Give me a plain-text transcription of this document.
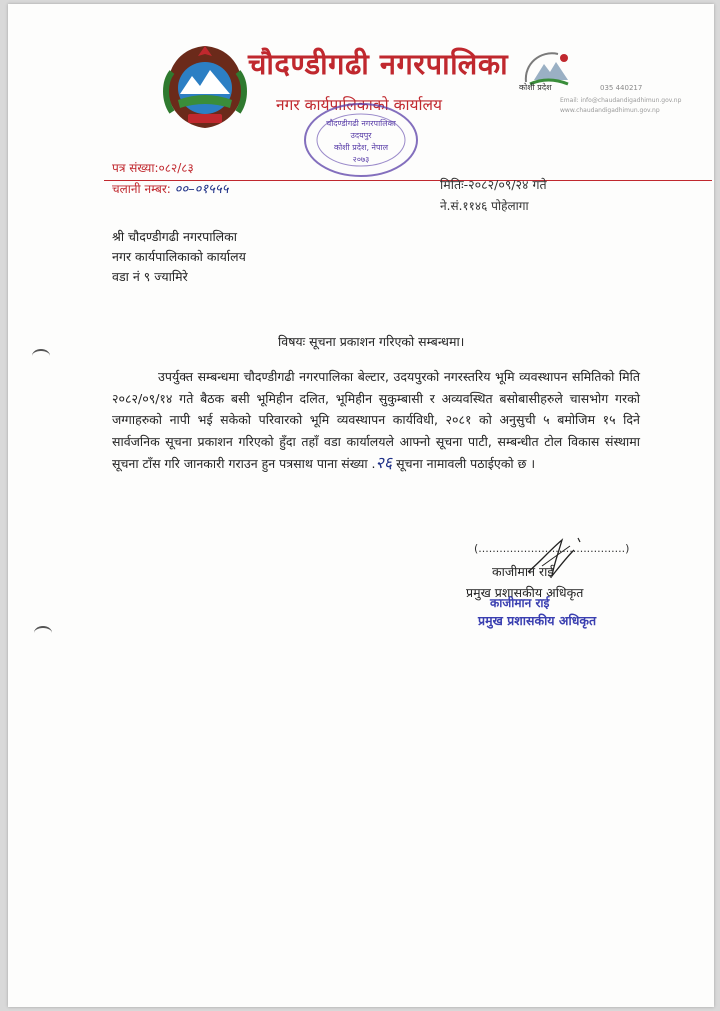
चौदण्डीगढी नगरपालिका
नगर कार्यपालिकाको कार्यालय
कोशी प्रदेश	035 440217
Email: info@chaudandigadhimun.gov.np
www.chaudandigadhimun.gov.np
चौदण्डीगढी नगरपालिका
उदयपुर
कोशी प्रदेश, नेपाल
२०७३
पत्र संख्या:०८२/८३
चलानी नम्बर: ००–०१५५५	मितिः-२०८२/०९/२४ गते
ने.सं.११४६ पोहेलागा
श्री चौदण्डीगढी नगरपालिका
नगर कार्यपालिकाको कार्यालय
वडा नं ९ ज्यामिरे
विषयः सूचना प्रकाशन गरिएको सम्बन्धमा।
उपर्युक्त सम्बन्धमा चौदण्डीगढी नगरपालिका बेल्टार, उदयपुरको नगरस्तरिय भूमि व्यवस्थापन समितिको मिति २०८२/०९/१४ गते बैठक बसी भूमिहीन दलित, भूमिहीन सुकुम्बासी र अव्यवस्थित बसोबासीहरुले चासभोग गरको जग्गाहरुको नापी भई सकेको परिवारको भूमि व्यवस्थापन कार्यविधी, २०८१ को अनुसुची ५ बमोजिम १५ दिने सार्वजनिक सूचना प्रकाशन गरिएको हुँदा तहाँ वडा कार्यालयले आफ्नो सूचना पाटी, सम्बन्धीत टोल विकास संस्थामा सूचना टाँस गरि जानकारी गराउन हुन पत्रसाथ पाना संख्या .२६ सूचना नामावली पठाईएको छ ।
(..........................................)
काजीमान राई
काजीमान राई
प्रमुख प्रशासकीय अधिकृत
प्रमुख प्रशासकीय अधिकृत
